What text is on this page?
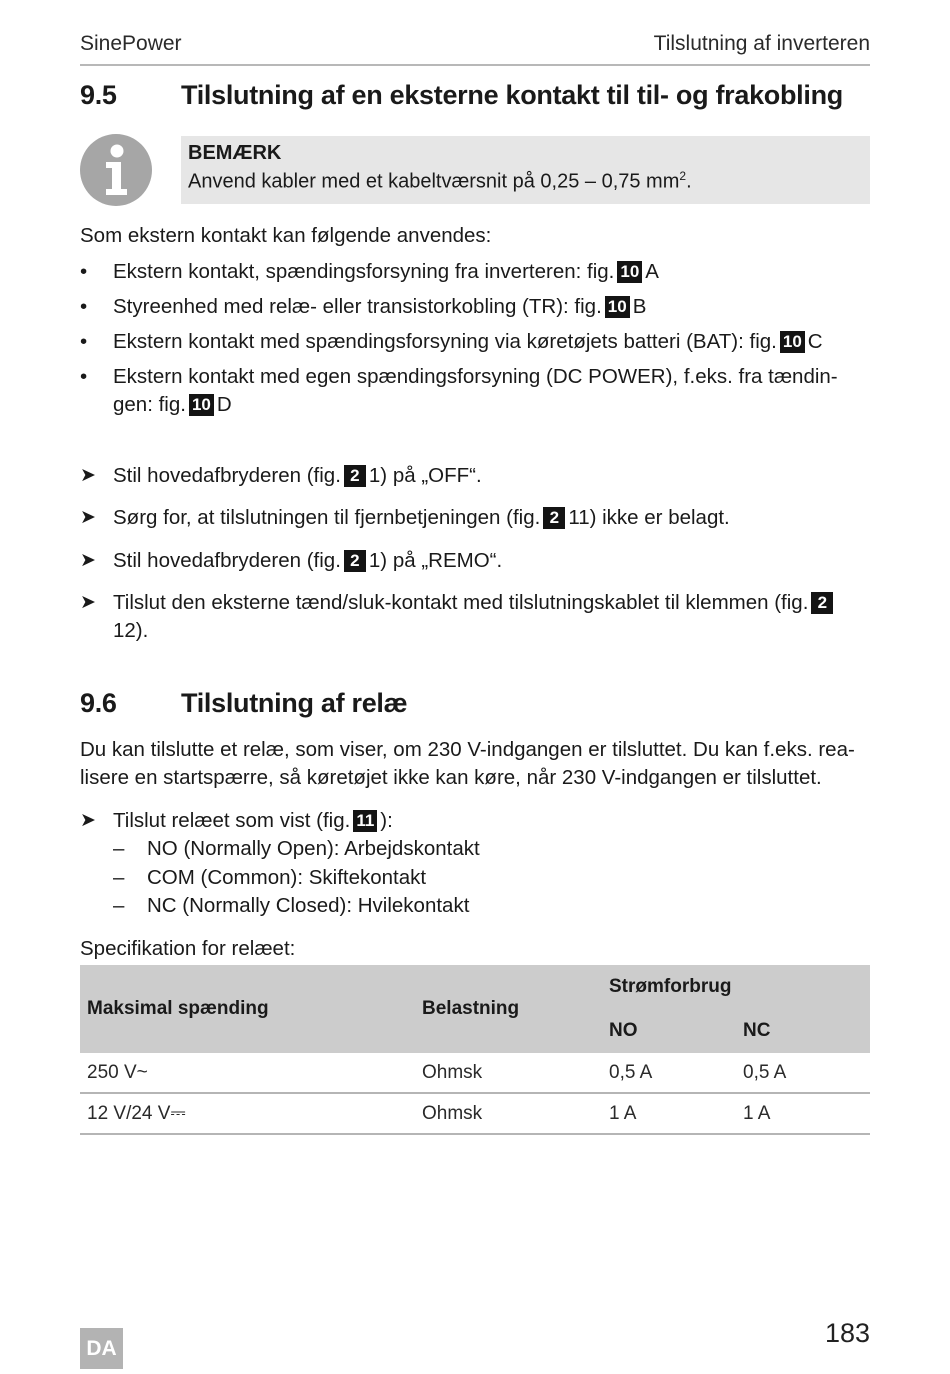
SinePower	Tilslutning af inverteren
9.5 Tilslutning af en eksterne kontakt til til- og frakobling
BEMÆRK
Anvend kabler med et kabeltværsnit på 0,25 – 0,75 $mm^2$.
Som ekstern kontakt kan følgende anvendes:
• Ekstern kontakt, spændingsforsyning fra inverteren: fig. 10 A
• Styreenhed med relæ- eller transistorkobling (TR): fig. 10 B
• Ekstern kontakt med spændingsforsyning via køretøjets batteri (BAT): fig. 10 C
• Ekstern kontakt med egen spændingsforsyning (DC POWER), f.eks. fra tændin-gen: fig. 10 D
➤ Stil hovedafbryderen (fig. 2 1) på „OFF“.
➤ Sørg for, at tilslutningen til fjernbetjeningen (fig. 2 11) ikke er belagt.
➤ Stil hovedafbryderen (fig. 2 1) på „REMO“.
➤ Tilslut den eksterne tænd/sluk-kontakt med tilslutningskablet til klemmen (fig. 212).
9.6 Tilslutning af relæ
Du kan tilslutte et relæ, som viser, om 230 V-indgangen er tilsluttet. Du kan f.eks. rea-lisere en startspærre, så køretøjet ikke kan køre, når 230 V-indgangen er tilsluttet.
➤ Tilslut relæet som vist (fig. 11 ):
– NO (Normally Open): Arbejdskontakt
– COM (Common): Skiftekontakt
– NC (Normally Closed): Hvilekontakt
Specifikation for relæet:
Maksimal spænding	Belastning	Strømforbrug	
		NO	NC
250 V~	Ohmsk	0,5 A	0,5 A
12 V/24 V⎓	Ohmsk	1 A	1 A
DA
183
